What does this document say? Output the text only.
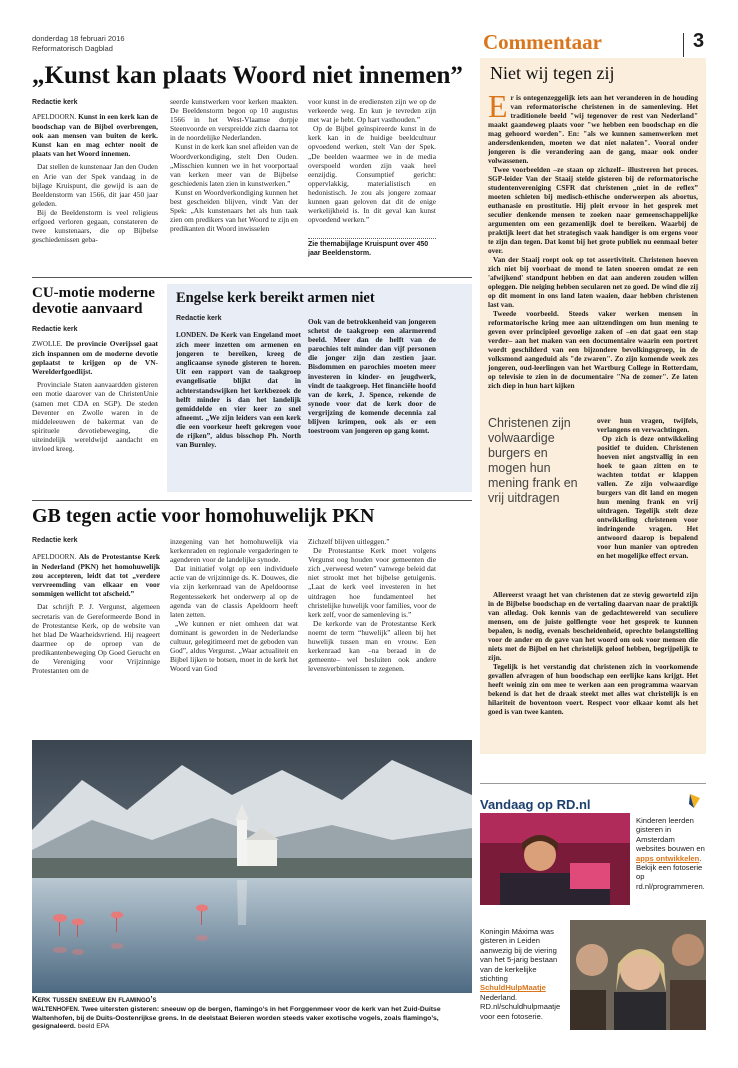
donderdag 18 februari 2016
Reformatorisch Dagblad	Commentaar	3
„Kunst kan plaats Woord niet innemen”
Redactie kerk

APELDOORN. Kunst in een kerk kan de boodschap van de Bijbel overbrengen, ook aan mensen van buiten de kerk. Kunst kan en mag echter nooit de plaats van het Woord innemen.

Dat stellen de kunstenaar Jan den Ouden en Arie van der Spek vandaag in de bijlage Kruispunt, die gewijd is aan de Beeldenstorm van 1566, dit jaar 450 jaar geleden.

Bij de Beeldenstorm is veel religieus erfgoed verloren gegaan, constateren de twee kunstenaars, die op Bijbelse geschiedenissen geba-

seerde kunstwerken voor kerken maakten. De Beeldenstorm begon op 10 augustus 1566 in het West-Vlaamse dorpje Steenvoorde en verspreidde zich daarna tot in de noordelijke Nederlanden.

Kunst in de kerk kan snel afleiden van de Woordverkondiging, stelt Den Ouden. „Misschien kunnen we in het voorportaal van kerken meer van de Bijbelse geschiedenis laten zien in kunstwerken.”

Kunst en Woordverkondiging kunnen het best gescheiden blijven, vindt Van der Spek: „Als kunstenaars het als hun taak zien om predikers van het Woord te zijn en predikanten dit Woord inwisselen

voor kunst in de erediensten zijn we op de verkeerde weg. En kun je tevreden zijn met wat je hebt. Op hart vasthouden.”

Op de Bijbel geïnspireerde kunst in de kerk kan in de huidige beeldcultuur opvoedend werken, stelt Van der Spek. „De beelden waarmee we in de media overspoeld worden zijn vaak heel eenzijdig. Consumptief gericht: oppervlakkig, materialistisch en hedonistisch. Je zou als jongere zomaar kunnen gaan geloven dat dit de enige werkelijkheid is. In dit geval kan kunst opvoedend werken.”

Zie themabijlage Kruispunt over 450 jaar Beeldenstorm.
CU-motie moderne devotie aanvaard
Redactie kerk

ZWOLLE. De provincie Overijssel gaat zich inspannen om de moderne devotie geplaatst te krijgen op de VN-Werelderfgoedlijst.

Provinciale Staten aanvaardden gisteren een motie daarover van de ChristenUnie (samen met CDA en SGP). De steden Deventer en Zwolle waren in de middeleeuwen de bakermat van de spirituele devotiebeweging, die uiteindelijk wereldwijd aandacht en invloed kreeg.

Engelse kerk bereikt armen niet
Redactie kerk

LONDEN. De Kerk van Engeland moet zich meer inzetten om armenen en jongeren te bereiken, kreeg de anglicaanse synode gisteren te horen. Uit een rapport van de taakgroep evangelisatie blijkt dat in achterstandswijken het kerkbezoek de helft minder is dan het landelijk gemiddelde en vier keer zo snel afneemt. „We zijn leiders van een kerk die een voorkeur heeft gekregen voor de rijken”, aldus bisschop Ph. North van Burnley.

Ook van de betrokkenheid van jongeren schetst de taakgroep een alarmerend beeld. Meer dan de helft van de parochies telt minder dan vijf personen die jonger zijn dan zestien jaar. Bisdommen en parochies moeten meer investeren in kinder- en jeugdwerk, vindt de taakgroep. Het financiële hoofd van de kerk, J. Spence, rekende de synode voor dat de kerk door de vergrijzing de komende decennia zal blijven krimpen, ook als er een toestroom van jongeren op gang komt.

GB tegen actie voor homohuwelijk PKN
Redactie kerk

APELDOORN. Als de Protestantse Kerk in Nederland (PKN) het homohuwelijk zou accepteren, leidt dat tot „verdere vervreemding van elkaar en voor sommigen wellicht tot afscheid.”

Dat schrijft P. J. Vergunst, algemeen secretaris van de Gereformeerde Bond in de Protestantse Kerk, op de website van het blad De Waarheidsvriend. Hij reageert daarmee op de oproep van de predikantenbeweging Op Goed Gerucht en de Vereniging voor Vrijzinnige Protestanten om de

inzegening van het homohuwelijk via kerkenraden en regionale vergaderingen te agenderen voor de landelijke synode.

Dat initiatief volgt op een individuele actie van de vrijzinnige ds. K. Douwes, die via zijn kerkenraad van de Apeldoornse Regentessekerk het onderwerp al op de agenda van de classis Apeldoorn heeft laten zetten.

„We kunnen er niet omheen dat wat dominant is geworden in de Nederlandse cultuur, gelegitimeerd met de geboden van God”, aldus Vergunst. „Waar actualiteit en Bijbel lijken te botsen, moet in de kerk het Woord van God

Zichzelf blijven uitleggen.”

De Protestantse Kerk moet volgens Vergunst oog houden voor gemeenten die zich „verweesd weten” vanwege beleid dat niet strookt met het bijbelse getuigenis. „Laat de kerk veel investeren in het uitdragen hoe fundamenteel het christelijke huwelijk voor families, voor de kerk zelf, voor de samenleving is.”

De kerkorde van de Protestantse Kerk noemt de term “huwelijk” alleen bij het huwelijk tussen man en vrouw. Een kerkenraad kan –na beraad in de gemeente– wel besluiten ook andere levensverbintenissen te zegenen.

Kerk tussen sneeuw en flamingo’s
WALTENHOFEN. Twee uitersten gisteren: sneeuw op de bergen, flamingo’s in het Forggenmeer voor de kerk van het Zuid-Duitse Waltenhofen, bij de Duits-Oostenrijkse grens. In de deelstaat Beieren worden steeds vaker exotische vogels, zoals flamingo’s, gesignaleerd. beeld EPA
Niet wij tegen zij

Er is ontegenzeggelijk iets aan het veranderen in de houding van reformatorische christenen in de samenleving. Het traditionele beeld "wij tegenover de rest van Nederland" maakt gaandeweg plaats voor "we hebben een boodschap en die mag gehoord worden". En: "als we kunnen samenwerken met andersdenkenden, moeten we dat niet nalaten". Vooral onder jongeren is die verandering aan de gang, maar ook onder volwassenen.

Twee voorbeelden –ze staan op zichzelf– illustreren het proces. SGP-leider Van der Staaij stelde gisteren bij de reformatorische studentenvereniging CSFR dat christenen „niet in de reflex” moeten schieten bij medisch-ethische onderwerpen als abortus, euthanasie en prostitutie. Hij pleit ervoor in het gesprek met seculier denkende mensen te zoeken naar gemeenschappelijke argumenten om een gezamenlijk doel te bereiken. Waarbij de praktijk leert dat het strategisch vaak handiger is om ergens voor te zijn dan tegen. Dat komt bij het grote publiek nu eenmaal beter over.

Van der Staaij roept ook op tot assertiviteit. Christenen hoeven zich niet bij voorbaat de mond te laten snoeren omdat ze een 'afwijkend' standpunt hebben en dat aan anderen zouden willen opleggen. Die neiging hebben secularen net zo goed. De wind die zij op dit moment in ons land laten waaien, daar hebben christenen last van.

Tweede voorbeeld. Steeds vaker werken mensen in reformatorische kring mee aan uitzendingen om hun mening te geven over principieel gevoelige zaken of –en dat gaat een stap verder– aan het maken van een documentaire waarin een portret wordt geschilderd van een bijzondere bevolkingsgroep, in de volksmond aangeduid als "de zwaren". Zo zijn komende week zes jongeren, oud-leerlingen van het Wartburg College in Rotterdam, op televisie te zien in de documentaire "Na de zomer". Ze laten zich diep in hun hart kijken

Christenen zijn volwaardige burgers en mogen hun mening frank en vrij uitdragen

over hun vragen, twijfels, verlangens en verwachtingen.

Op zich is deze ontwikkeling positief te duiden. Christenen hoeven niet angstvallig in een hoek te gaan zitten en te wachten totdat er klappen vallen. Ze zijn volwaardige burgers van dit land en mogen hun mening frank en vrij uitdragen. Tegelijk stelt deze ontwikkeling christenen voor indringende vragen. Het antwoord daarop is bepalend voor hun manier van optreden en het mogelijke effect ervan.

Allereerst vraagt het van christenen dat ze stevig geworteld zijn in de Bijbelse boodschap en de vertaling daarvan naar de praktijk van alledag. Ook kennis van de gedachtewereld van seculiere mensen, om de juiste golflengte voor het gesprek te kunnen bepalen, is nodig, evenals bescheidenheid, oprechte belangstelling voor de ander en de gave van het woord om ook voor mensen die niets met de Bijbel en het christelijk geloof hebben, begrijpelijk te zijn.

Tegelijk is het verstandig dat christenen zich in voorkomende gevallen afvragen of hun boodschap een eerlijke kans krijgt. Het heeft weinig zin om mee te werken aan een programma waarvan bekend is dat het de draak steekt met alles wat christelijk is en hilariteit de boventoon voert. Respect voor elkaar komt als het goed is van twee kanten.

Vandaag op RD.nl
Kinderen leerden gisteren in Amsterdam websites bouwen en apps ontwikkelen. Bekijk een fotoserie op rd.nl/programmeren.
Koningin Máxima was gisteren in Leiden aanwezig bij de viering van het 5-jarig bestaan van de kerkelijke stichting SchuldHulpMaatje Nederland. RD.nl/schuldhulpmaatje voor een fotoserie.
